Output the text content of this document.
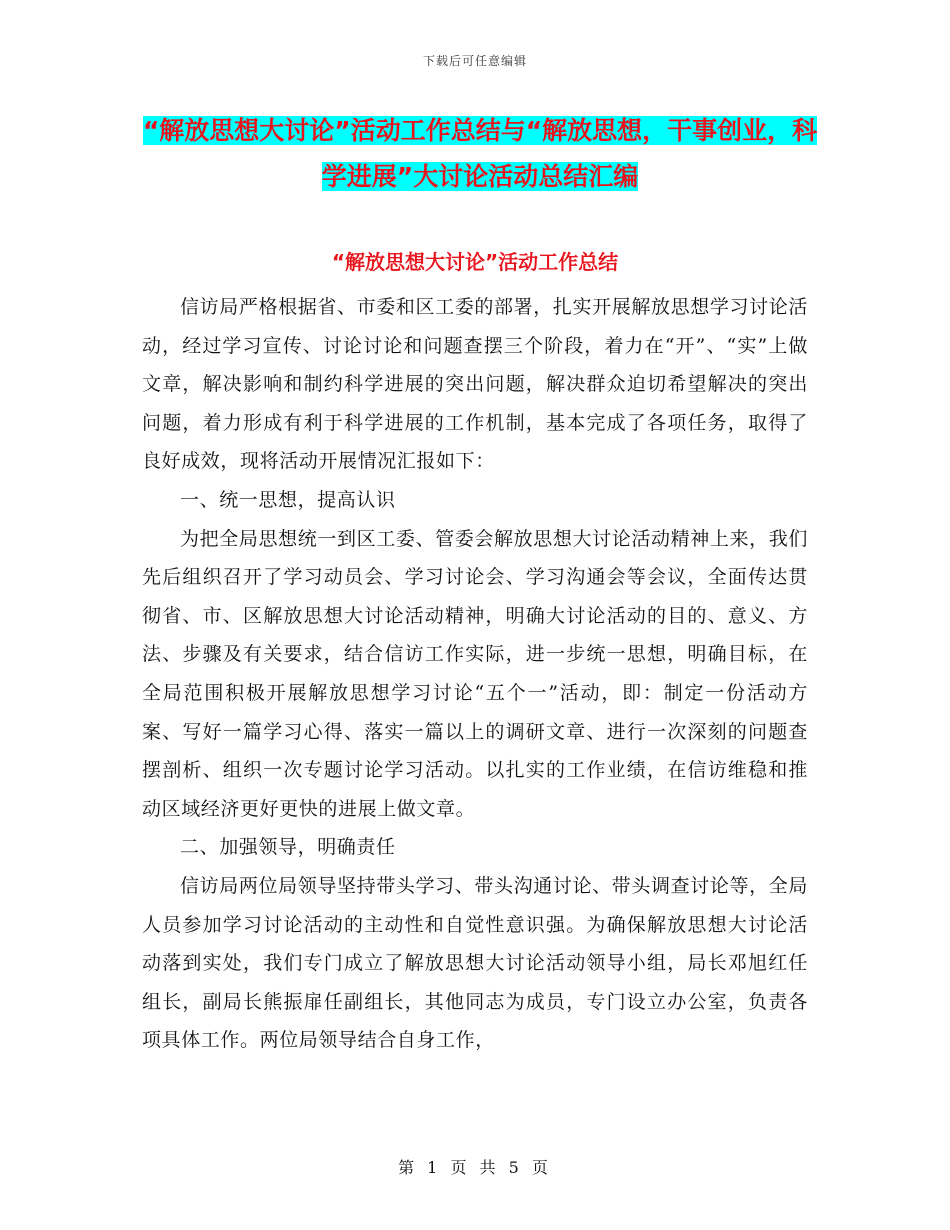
下载后可任意编辑
“解放思想大讨论”活动工作总结与“解放思想，干事创业，科学进展”大讨论活动总结汇编
“解放思想大讨论”活动工作总结

信访局严格根据省、市委和区工委的部署，扎实开展解放思想学习讨论活动，经过学习宣传、讨论讨论和问题查摆三个阶段，着力在“开”、“实”上做文章，解决影响和制约科学进展的突出问题，解决群众迫切希望解决的突出问题，着力形成有利于科学进展的工作机制，基本完成了各项任务，取得了良好成效，现将活动开展情况汇报如下：

一、统一思想，提高认识

为把全局思想统一到区工委、管委会解放思想大讨论活动精神上来，我们先后组织召开了学习动员会、学习讨论会、学习沟通会等会议，全面传达贯彻省、市、区解放思想大讨论活动精神，明确大讨论活动的目的、意义、方法、步骤及有关要求，结合信访工作实际，进一步统一思想，明确目标，在全局范围积极开展解放思想学习讨论“五个一”活动，即：制定一份活动方案、写好一篇学习心得、落实一篇以上的调研文章、进行一次深刻的问题查摆剖析、组织一次专题讨论学习活动。以扎实的工作业绩，在信访维稳和推动区域经济更好更快的进展上做文章。

二、加强领导，明确责任

信访局两位局领导坚持带头学习、带头沟通讨论、带头调查讨论等，全局人员参加学习讨论活动的主动性和自觉性意识强。为确保解放思想大讨论活动落到实处，我们专门成立了解放思想大讨论活动领导小组，局长邓旭红任组长，副局长熊振扉任副组长，其他同志为成员，专门设立办公室，负责各项具体工作。两位局领导结合自身工作，

第 1 页 共 5 页
